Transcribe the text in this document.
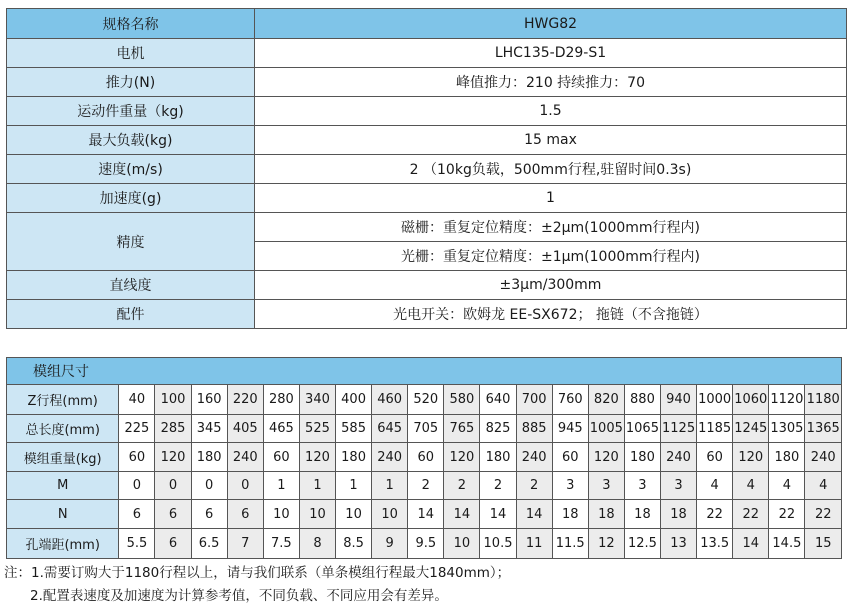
规格名称	HWG82
电机	LHC135-D29-S1
推力(N)	峰值推力：210 持续推力：70
运动件重量（kg)	1.5
最大负载(kg)	15 max
速度(m/s)	2 （10kg负载，500mm行程,驻留时间0.3s)
加速度(g)	1
精度	磁栅：重复定位精度：±2μm(1000mm行程内)
	光栅：重复定位精度：±1μm(1000mm行程内)
直线度	±3μm/300mm
配件	光电开关：欧姆龙 EE-SX672； 拖链（不含拖链）
模组尺寸																				
Z行程(mm)	40	100	160	220	280	340	400	460	520	580	640	700	760	820	880	940	1000	1060	1120	1180
总长度(mm)	225	285	345	405	465	525	585	645	705	765	825	885	945	1005	1065	1125	1185	1245	1305	1365
模组重量(kg)	60	120	180	240	60	120	180	240	60	120	180	240	60	120	180	240	60	120	180	240
M	0	0	0	0	1	1	1	1	2	2	2	2	3	3	3	3	4	4	4	4
N	6	6	6	6	10	10	10	10	14	14	14	14	18	18	18	18	22	22	22	22
孔端距(mm)	5.5	6	6.5	7	7.5	8	8.5	9	9.5	10	10.5	11	11.5	12	12.5	13	13.5	14	14.5	15
注：1.需要订购大于1180行程以上，请与我们联系（单条模组行程最大1840mm）；
2.配置表速度及加速度为计算参考值，不同负载、不同应用会有差异。
